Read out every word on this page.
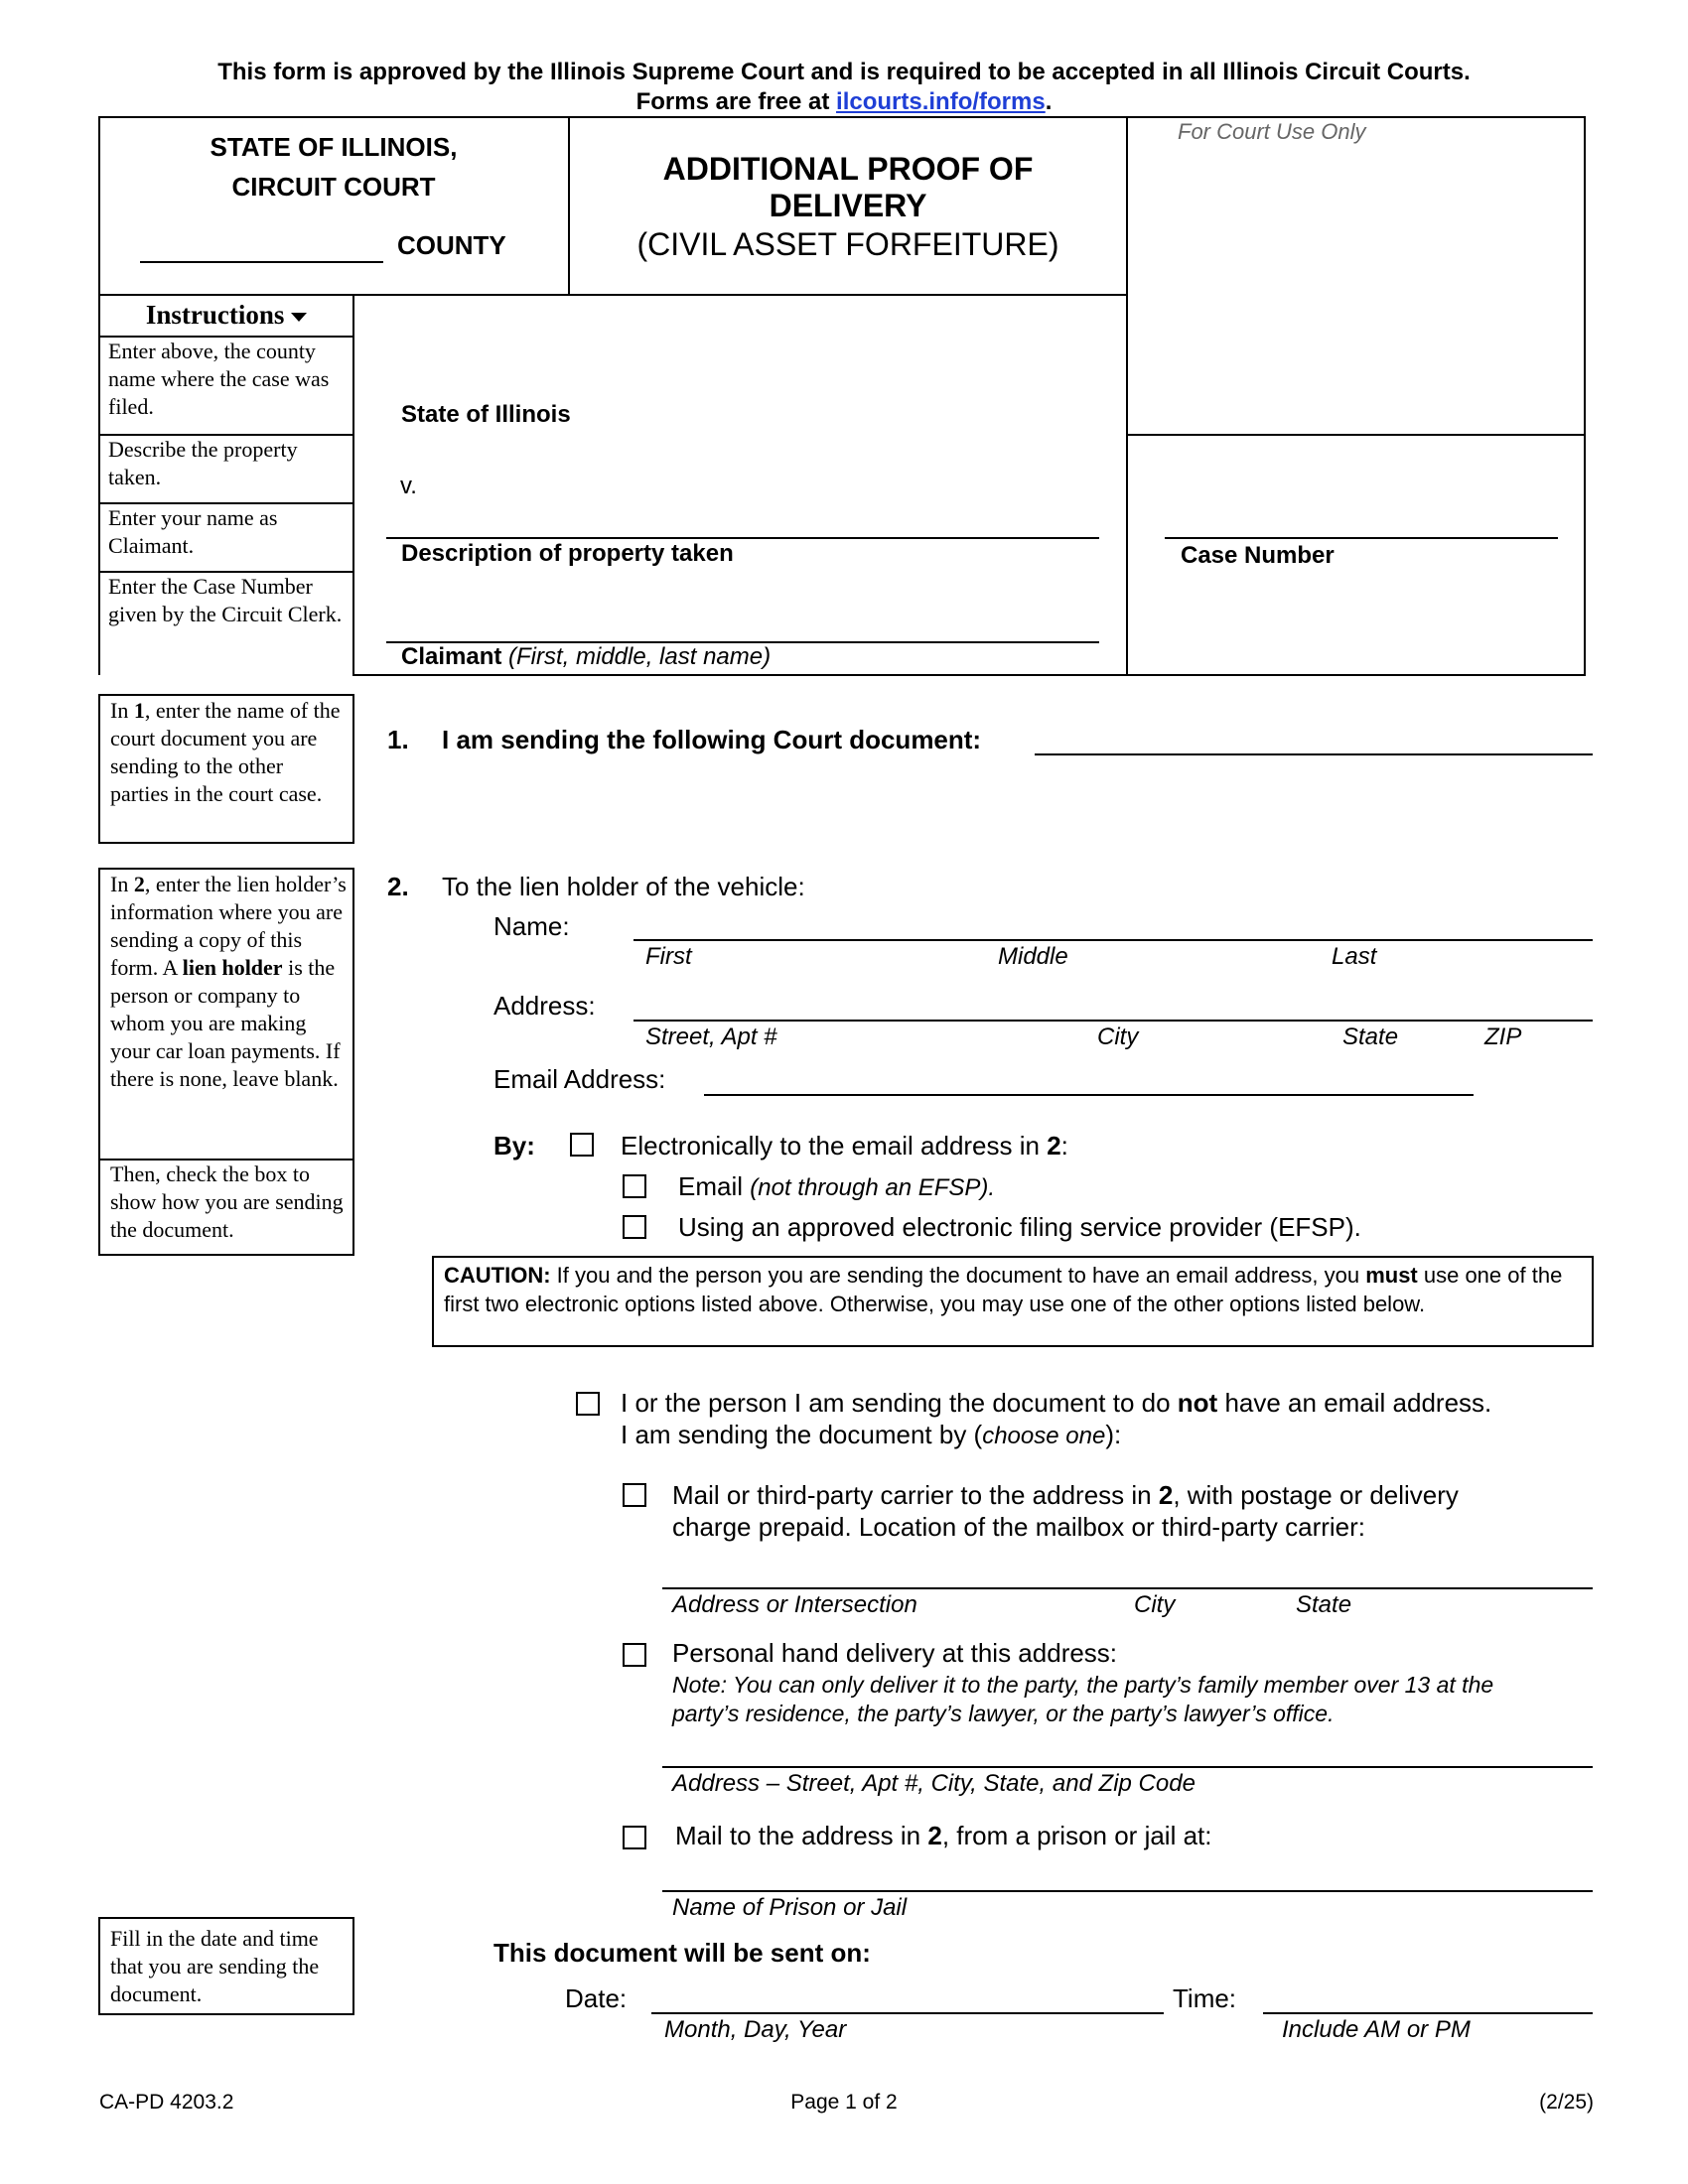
This form is approved by the Illinois Supreme Court and is required to be accepted in all Illinois Circuit Courts.
Forms are free at ilcourts.info/forms.
STATE OF ILLINOIS,
CIRCUIT COURT
COUNTY
ADDITIONAL PROOF OF
DELIVERY
(CIVIL ASSET FORFEITURE)
For Court Use Only
Instructions
Enter above, the county name where the case was filed.
Describe the property taken.
Enter your name as Claimant.
Enter the Case Number given by the Circuit Clerk.
State of Illinois
v.
Description of property taken
Claimant (First, middle, last name)
Case Number
In 1, enter the name of the court document you are sending to the other parties in the court case.
In 2, enter the lien holder’s information where you are sending a copy of this form. A lien holder is the person or company to whom you are making your car loan payments. If there is none, leave blank.
Then, check the box to show how you are sending the document.
Fill in the date and time that you are sending the document.
1. I am sending the following Court document:
2. To the lien holder of the vehicle:
Name:
First	Middle	Last
Address:
Street, Apt #	City	State	ZIP
Email Address:
By:	Electronically to the email address in 2:
Email (not through an EFSP).
Using an approved electronic filing service provider (EFSP).
CAUTION: If you and the person you are sending the document to have an email address, you must use one of the first two electronic options listed above. Otherwise, you may use one of the other options listed below.
I or the person I am sending the document to do not have an email address.
I am sending the document by (choose one):
Mail or third-party carrier to the address in 2, with postage or delivery
charge prepaid. Location of the mailbox or third-party carrier:
Address or Intersection	City	State
Personal hand delivery at this address:
Note: You can only deliver it to the party, the party’s family member over 13 at the
party’s residence, the party’s lawyer, or the party’s lawyer’s office.
Address – Street, Apt #, City, State, and Zip Code
Mail to the address in 2, from a prison or jail at:
Name of Prison or Jail
This document will be sent on:
Date:
Month, Day, Year
Time:
Include AM or PM
CA-PD 4203.2	Page 1 of 2	(2/25)
